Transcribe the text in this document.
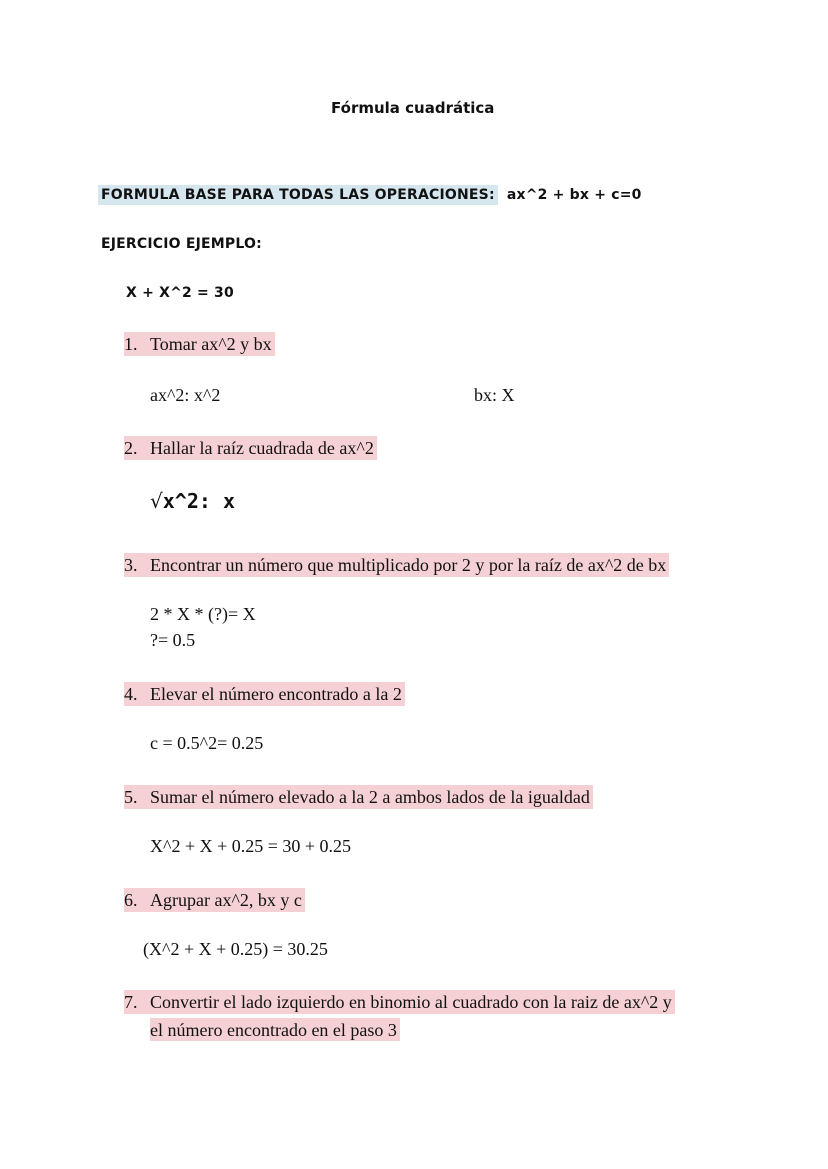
Fórmula cuadrática
FORMULA BASE PARA TODAS LAS OPERACIONES: ax^2 + bx + c=0
EJERCICIO EJEMPLO:
X + X^2 = 30
1. Tomar ax^2 y bx
ax^2: x^2	bx: X
2. Hallar la raíz cuadrada de ax^2
√x^2: x
3. Encontrar un número que multiplicado por 2 y por la raíz de ax^2 de bx
2 * X * (?)= X
?= 0.5
4. Elevar el número encontrado a la 2
c = 0.5^2= 0.25
5. Sumar el número elevado a la 2 a ambos lados de la igualdad
X^2 + X + 0.25 = 30 + 0.25
6. Agrupar ax^2, bx y c
(X^2 + X + 0.25) = 30.25
7. Convertir el lado izquierdo en binomio al cuadrado con la raiz de ax^2 y
el número encontrado en el paso 3
